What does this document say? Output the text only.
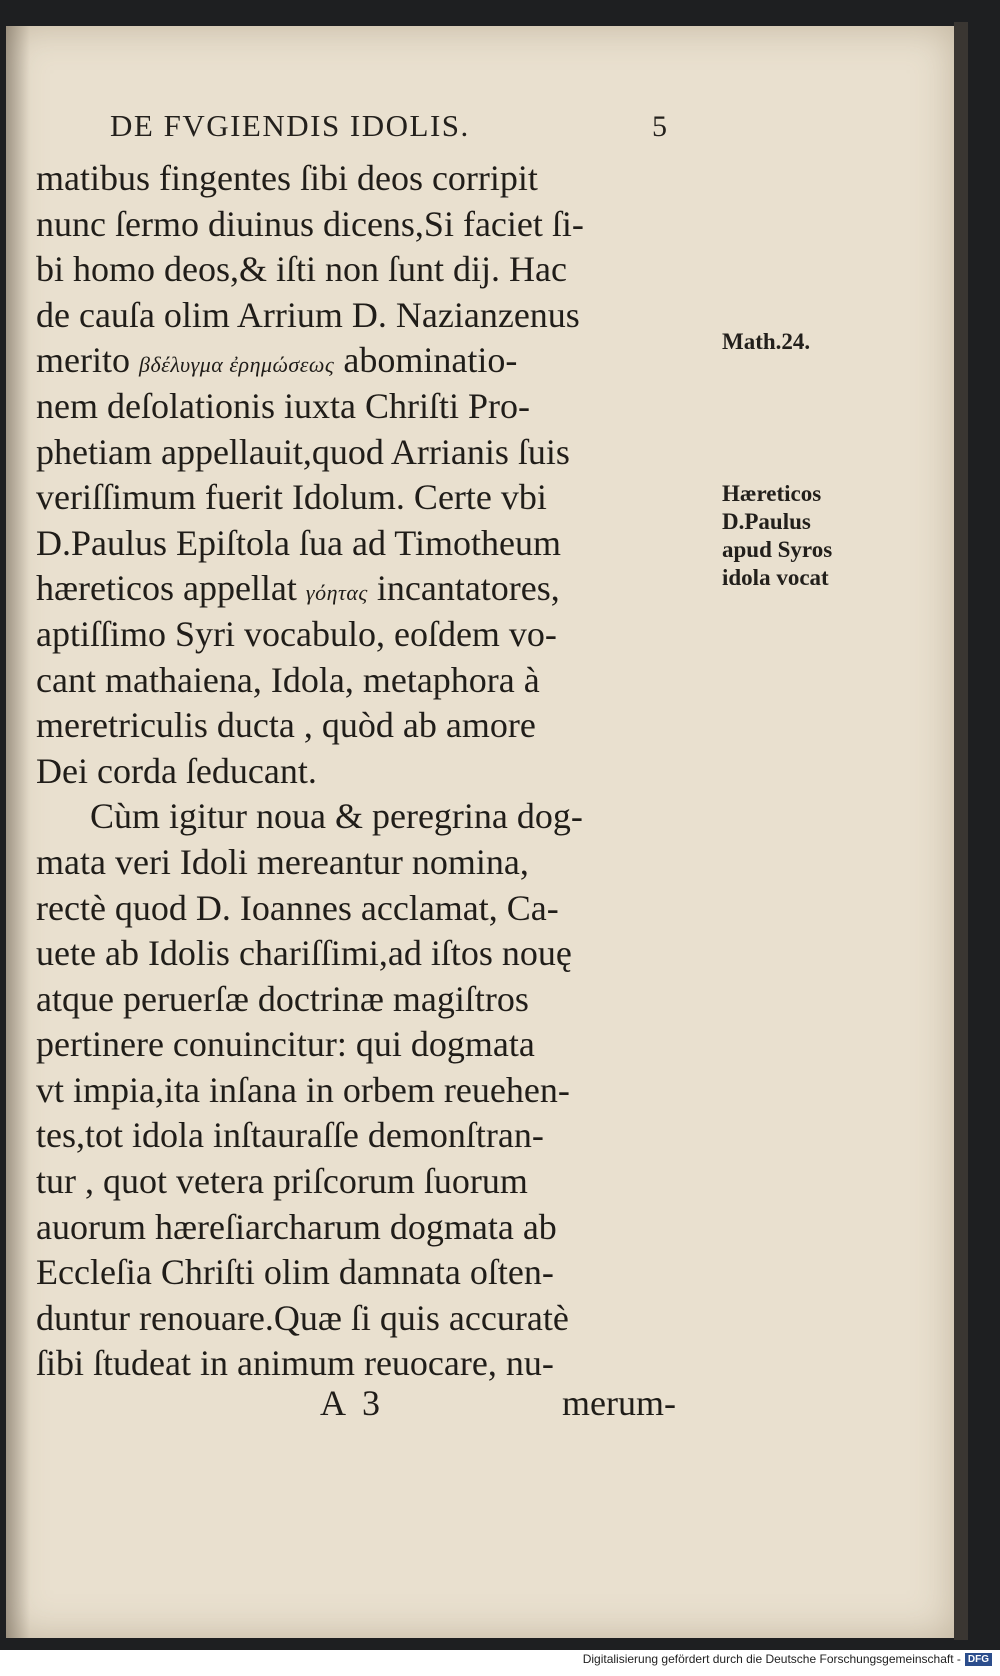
DE FVGIENDIS IDOLIS.	5
matibus fingentes ſibi deos corripit
nunc ſermo diuinus dicens,Si faciet ſi-
bi homo deos,& iſti non ſunt dij. Hac
de cauſa olim Arrium D. Nazianzenus
merito βδέλυγμα ἐρημώσεως abominatio-
nem deſolationis iuxta Chriſti Pro-
phetiam appellauit,quod Arrianis ſuis
veriſſimum fuerit Idolum. Certe vbi
D.Paulus Epiſtola ſua ad Timotheum
hæreticos appellat γόητας incantatores,
aptiſſimo Syri vocabulo, eoſdem vo-
cant mathaiena, Idola, metaphora à
meretriculis ducta , quòd ab amore
Dei corda ſeducant.
Cùm igitur noua & peregrina dog-
mata veri Idoli mereantur nomina,
rectè quod D. Ioannes acclamat, Ca-
uete ab Idolis chariſſimi,ad iſtos nouę
atque peruerſæ doctrinæ magiſtros
pertinere conuincitur: qui dogmata
vt impia,ita inſana in orbem reuehen-
tes,tot idola inſtauraſſe demonſtran-
tur , quot vetera priſcorum ſuorum
auorum hæreſiarcharum dogmata ab
Eccleſia Chriſti olim damnata oſten-
duntur renouare.Quæ ſi quis accuratè
ſibi ſtudeat in animum reuocare, nu-
Math.24.
Hæreticos
D.Paulus
apud Syros
idola vocat
A  3	merum-
Digitalisierung gefördert durch die Deutsche Forschungsgemeinschaft - DFG
